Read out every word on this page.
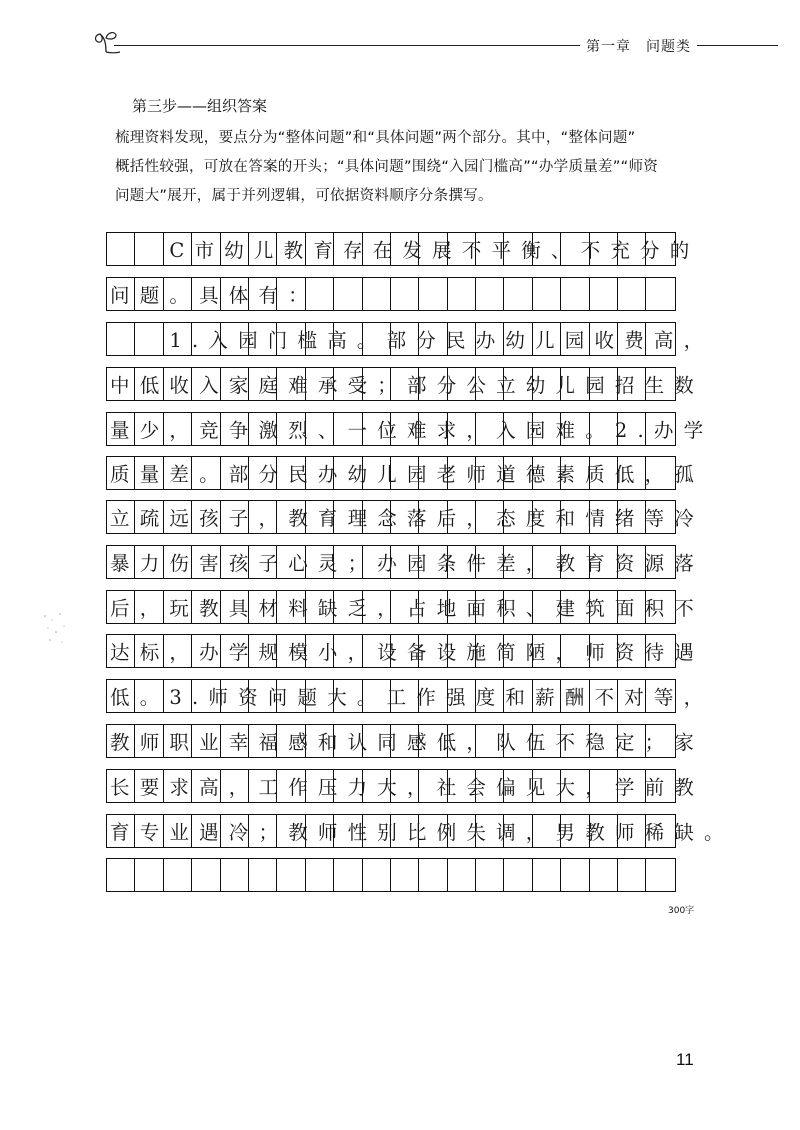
第一章　问题类
第三步——组织答案
梳理资料发现，要点分为“整体问题”和“具体问题”两个部分。其中，“整体问题”
概括性较强，可放在答案的开头；“具体问题”围绕“入园门槛高”“办学质量差”“师资
问题大”展开，属于并列逻辑，可依据资料顺序分条撰写。
　　C市幼儿教育存在发展不平衡、不充分的
问题。具体有：
　　1.入园门槛高。部分民办幼儿园收费高，
中低收入家庭难承受；部分公立幼儿园招生数
量少，竞争激烈、一位难求，入园难。2.办学
质量差。部分民办幼儿园老师道德素质低，孤
立疏远孩子，教育理念落后，态度和情绪等冷
暴力伤害孩子心灵；办园条件差，教育资源落
后，玩教具材料缺乏，占地面积、建筑面积不
达标，办学规模小，设备设施简陋，师资待遇
低。3.师资问题大。工作强度和薪酬不对等，
教师职业幸福感和认同感低，队伍不稳定；家
长要求高，工作压力大，社会偏见大，学前教
育专业遇冷；教师性别比例失调，男教师稀缺。
300字
11
